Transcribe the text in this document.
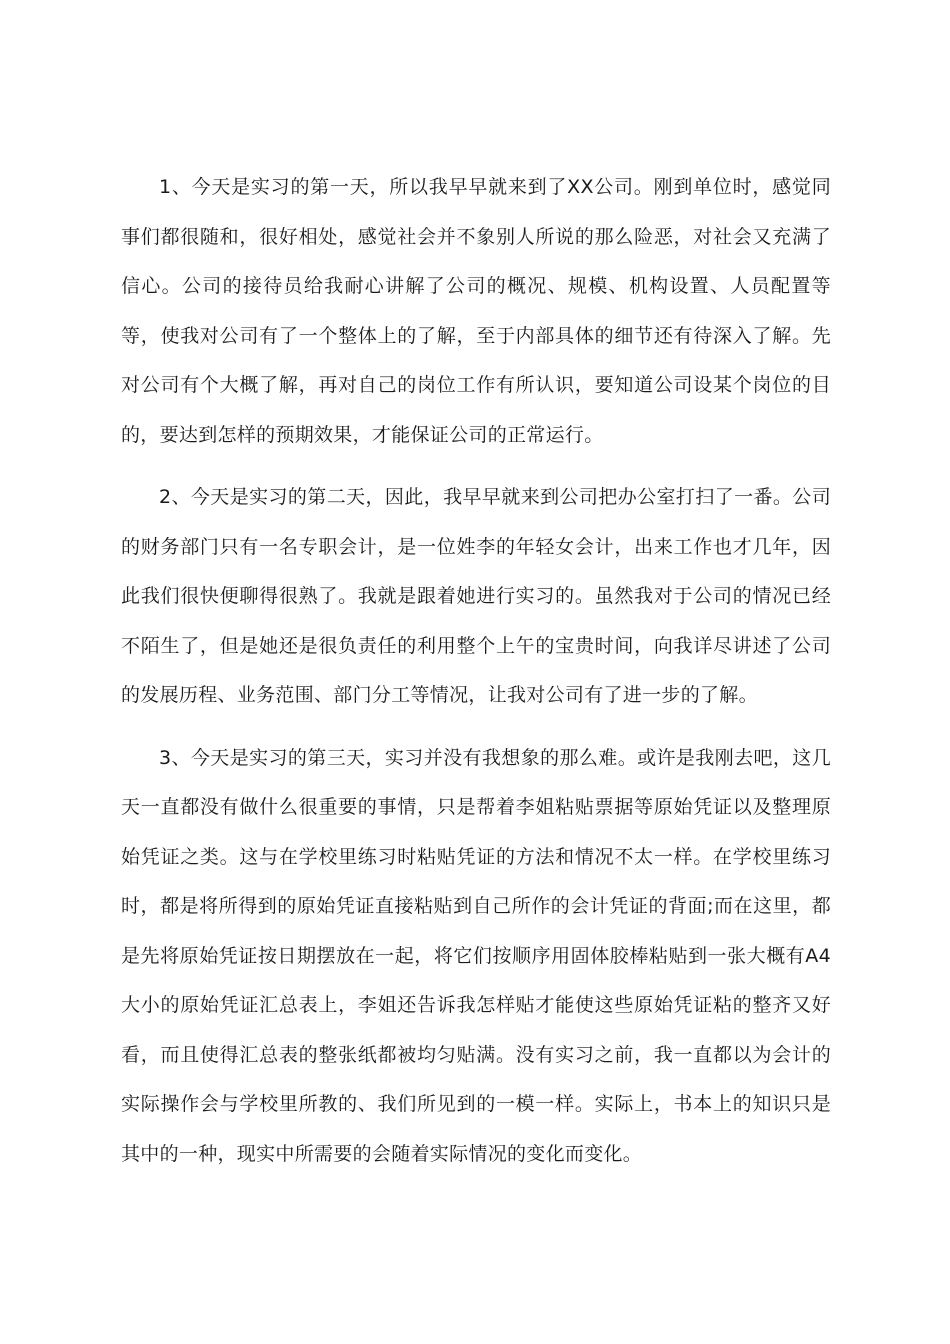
1、今天是实习的第一天，所以我早早就来到了XX公司。刚到单位时，感觉同事们都很随和，很好相处，感觉社会并不象别人所说的那么险恶，对社会又充满了信心。公司的接待员给我耐心讲解了公司的概况、规模、机构设置、人员配置等等，使我对公司有了一个整体上的了解，至于内部具体的细节还有待深入了解。先对公司有个大概了解，再对自己的岗位工作有所认识，要知道公司设某个岗位的目的，要达到怎样的预期效果，才能保证公司的正常运行。

2、今天是实习的第二天，因此，我早早就来到公司把办公室打扫了一番。公司的财务部门只有一名专职会计，是一位姓李的年轻女会计，出来工作也才几年，因此我们很快便聊得很熟了。我就是跟着她进行实习的。虽然我对于公司的情况已经不陌生了，但是她还是很负责任的利用整个上午的宝贵时间，向我详尽讲述了公司的发展历程、业务范围、部门分工等情况，让我对公司有了进一步的了解。

3、今天是实习的第三天，实习并没有我想象的那么难。或许是我刚去吧，这几天一直都没有做什么很重要的事情，只是帮着李姐粘贴票据等原始凭证以及整理原始凭证之类。这与在学校里练习时粘贴凭证的方法和情况不太一样。在学校里练习时，都是将所得到的原始凭证直接粘贴到自己所作的会计凭证的背面;而在这里，都是先将原始凭证按日期摆放在一起，将它们按顺序用固体胶棒粘贴到一张大概有A4大小的原始凭证汇总表上，李姐还告诉我怎样贴才能使这些原始凭证粘的整齐又好看，而且使得汇总表的整张纸都被均匀贴满。没有实习之前，我一直都以为会计的实际操作会与学校里所教的、我们所见到的一模一样。实际上，书本上的知识只是其中的一种，现实中所需要的会随着实际情况的变化而变化。
